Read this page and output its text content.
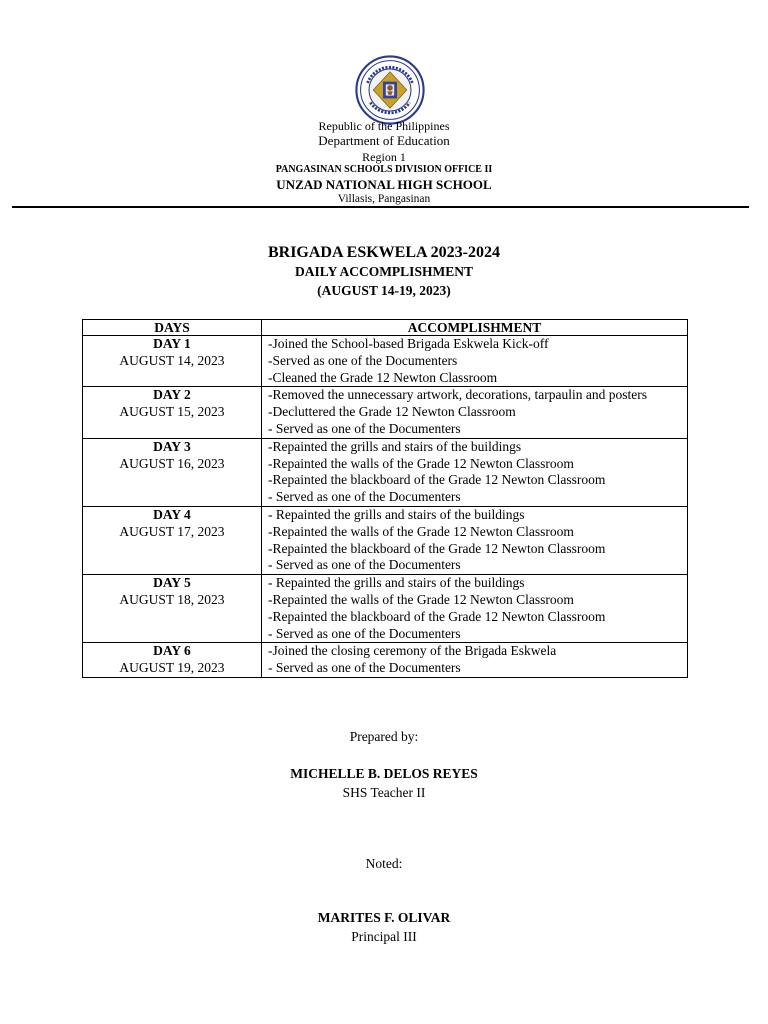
Republic of the Philippines
Department of Education
Region 1
PANGASINAN SCHOOLS DIVISION OFFICE II
UNZAD NATIONAL HIGH SCHOOL
Villasis, Pangasinan
BRIGADA ESKWELA 2023-2024
DAILY ACCOMPLISHMENT
(AUGUST 14-19, 2023)
DAYS	ACCOMPLISHMENT

DAY 1
AUGUST 14, 2023	-Joined the School-based Brigada Eskwela Kick-off
-Served as one of the Documenters
-Cleaned the Grade 12 Newton Classroom

DAY 2
AUGUST 15, 2023	-Removed the unnecessary artwork, decorations, tarpaulin and posters
-Decluttered the Grade 12 Newton Classroom
- Served as one of the Documenters

DAY 3
AUGUST 16, 2023	-Repainted the grills and stairs of the buildings
-Repainted the walls of the Grade 12 Newton Classroom
-Repainted the blackboard of the Grade 12 Newton Classroom
- Served as one of the Documenters

DAY 4
AUGUST 17, 2023	- Repainted the grills and stairs of the buildings
-Repainted the walls of the Grade 12 Newton Classroom
-Repainted the blackboard of the Grade 12 Newton Classroom
- Served as one of the Documenters

DAY 5
AUGUST 18, 2023	- Repainted the grills and stairs of the buildings
-Repainted the walls of the Grade 12 Newton Classroom
-Repainted the blackboard of the Grade 12 Newton Classroom
- Served as one of the Documenters

DAY 6
AUGUST 19, 2023	-Joined the closing ceremony of the Brigada Eskwela
- Served as one of the Documenters
Prepared by:
MICHELLE B. DELOS REYES
SHS Teacher II
Noted:
MARITES F. OLIVAR
Principal III
